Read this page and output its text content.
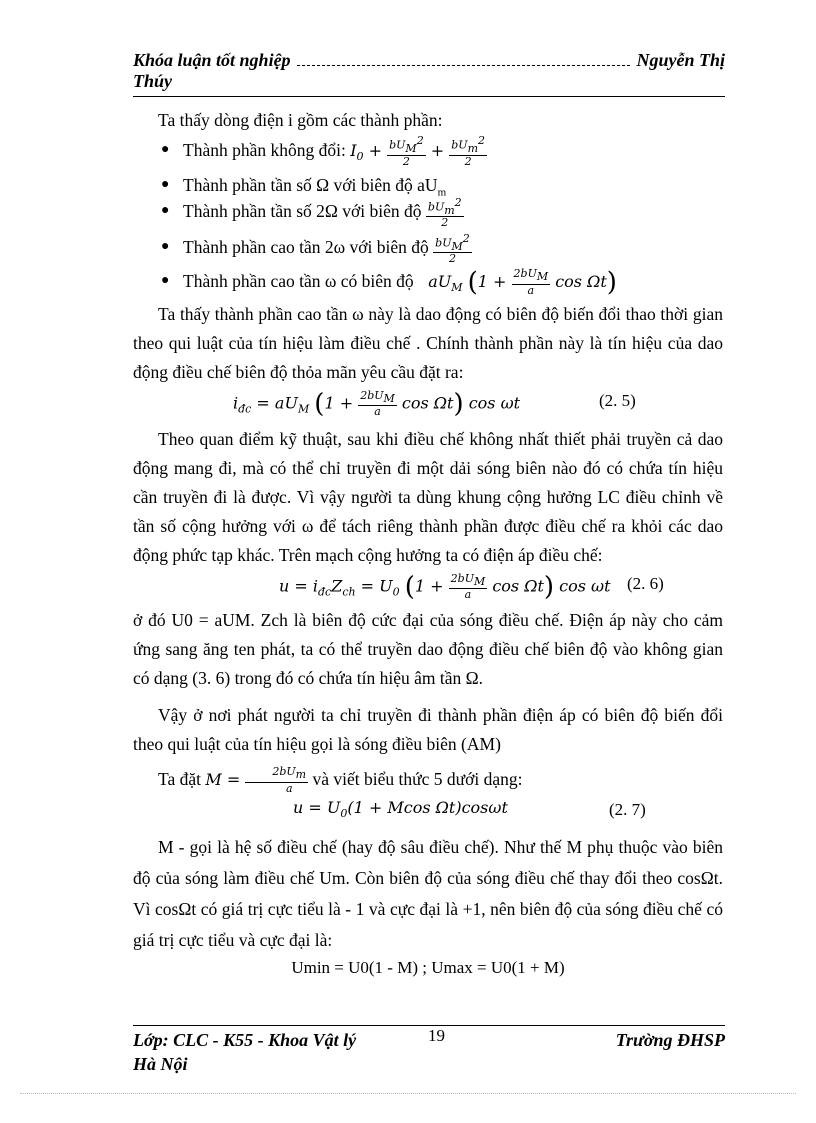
Khóa luận tốt nghiệp	Nguyễn Thị
Thúy
Ta thấy dòng điện i gồm các thành phần:
● Thành phần không đổi: $I_0 + \frac{bU_M^2}{2} + \frac{bU_m^2}{2}$
● Thành phần tần số Ω với biên độ $aU_m$
● Thành phần tần số 2Ω với biên độ $\frac{bU_m^2}{2}$
● Thành phần cao tần 2ω với biên độ $\frac{bU_M^2}{2}$
● Thành phần cao tần ω có biên độ   $aU_M$ ($1 + \frac{2bU_M}{a}$ cos Ωt)
Ta thấy thành phần cao tần ω này là dao động có biên độ biến đổi thao thời gian theo qui luật của tín hiệu làm điều chế . Chính thành phần này là tín hiệu của dao động điều chế biên độ thỏa mãn yêu cầu đặt ra:
$i_{đc} = aU_M$ ($1 + \frac{2bU_M}{a}$ cos Ωt) cos ωt	(2. 5)
Theo quan điểm kỹ thuật, sau khi điều chế không nhất thiết phải truyền cả dao động mang đi, mà có thể chỉ truyền đi một dải sóng biên nào đó có chứa tín hiệu cần truyền đi là được. Vì vậy người ta dùng khung cộng hưởng LC điều chỉnh về tần số cộng hưởng với ω để tách riêng thành phần được điều chế ra khỏi các dao động phức tạp khác. Trên mạch cộng hưởng ta có điện áp điều chế:
$u = i_{đc}Z_{ch} = U_0$ ($1 + \frac{2bU_M}{a}$ cos Ωt) cos ωt (2. 6)
ở đó U0 = aUM. Zch là biên độ cức đại của sóng điều chế. Điện áp này cho cảm ứng sang ăng ten phát, ta có thể truyền dao động điều chế biên độ vào không gian có dạng (3. 6) trong đó có chứa tín hiệu âm tần Ω.
Vậy ở nơi phát người ta chỉ truyền đi thành phần điện áp có biên độ biến đổi theo qui luật của tín hiệu gọi là sóng điều biên (AM)
Ta đặt $M = \frac{2bU_m}{a}$ và viết biểu thức 5 dưới dạng:
$u = U_0(1 + Mcos$ Ωt)cosωt	(2. 7)
M - gọi là hệ số điều chế (hay độ sâu điều chế). Như thế M phụ thuộc vào biên độ của sóng làm điều chế Um. Còn biên độ của sóng điều chế thay đổi theo cosΩt. Vì cosΩt có giá trị cực tiểu là - 1 và cực đại là +1, nên biên độ của sóng điều chế có giá trị cực tiểu và cực đại là:
Umin = U0(1 - M) ; Umax = U0(1 + M)
Lớp: CLC - K55 - Khoa Vật lý	Trường ĐHSP
19
Hà Nội
